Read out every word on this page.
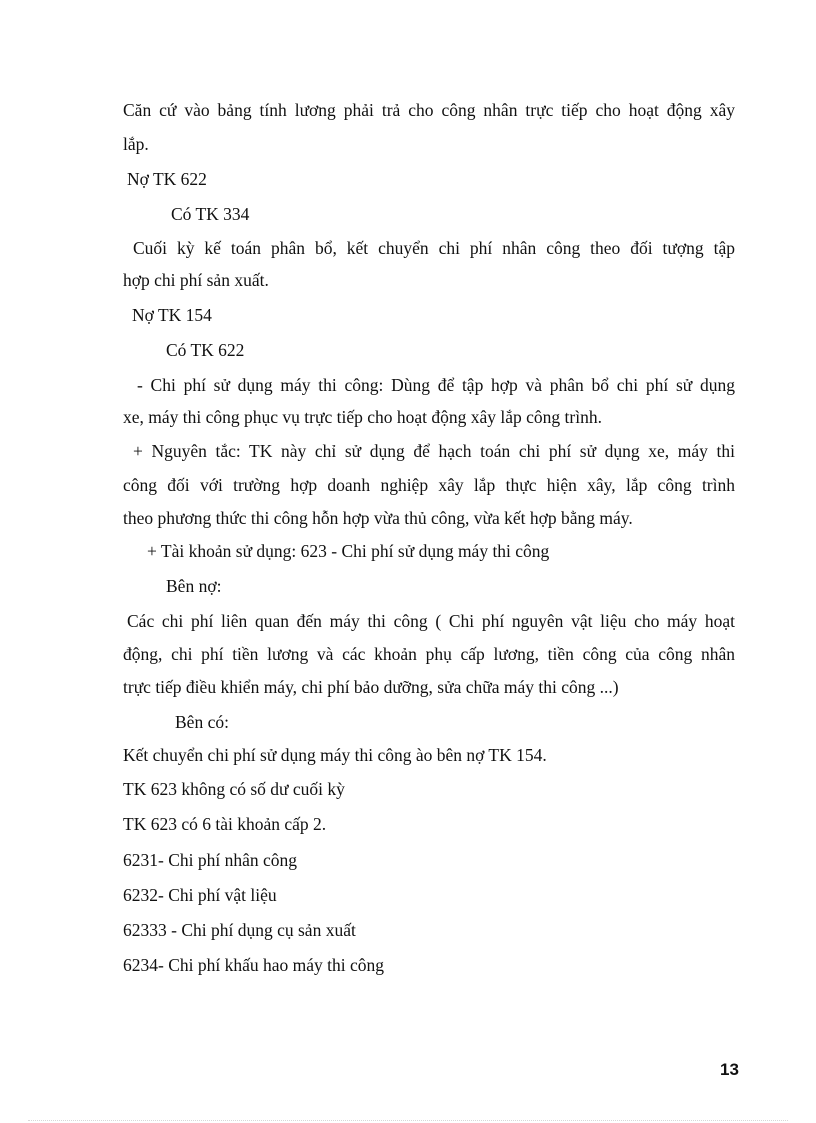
Căn cứ vào bảng tính lương phải trả cho công nhân trực tiếp cho hoạt động xây

lắp.

Nợ TK 622

Có TK 334

Cuối kỳ kế toán phân bổ, kết chuyển chi phí nhân công theo đối tượng tập

hợp chi phí sản xuất.

Nợ TK 154

Có TK 622

- Chi phí sử dụng máy thi công: Dùng để tập hợp và phân bổ chi phí sử dụng

xe, máy thi công phục vụ trực tiếp cho hoạt động xây lắp công trình.

+ Nguyên tắc: TK này chỉ sử dụng để hạch toán chi phí sử dụng xe, máy thi

công đối với trường hợp doanh nghiệp xây lắp thực hiện xây, lắp công trình

theo phương thức thi công hỗn hợp vừa thủ công, vừa kết hợp bằng máy.

+ Tài khoản sử dụng: 623 - Chi phí sử dụng máy thi công

Bên nợ:

Các chi phí liên quan đến máy thi công ( Chi phí nguyên vật liệu cho máy hoạt

động, chi phí tiền lương và các khoản phụ cấp lương, tiền công của công nhân

trực tiếp điều khiển máy, chi phí bảo dưỡng, sửa chữa máy thi công ...)

Bên có:

Kết chuyển chi phí sử dụng máy thi công ào bên nợ TK 154.

TK 623 không có số dư cuối kỳ

TK 623 có 6 tài khoản cấp 2.

6231- Chi phí nhân công

6232- Chi phí vật liệu

62333 - Chi phí dụng cụ sản xuất

6234- Chi phí khấu hao máy thi công

13
